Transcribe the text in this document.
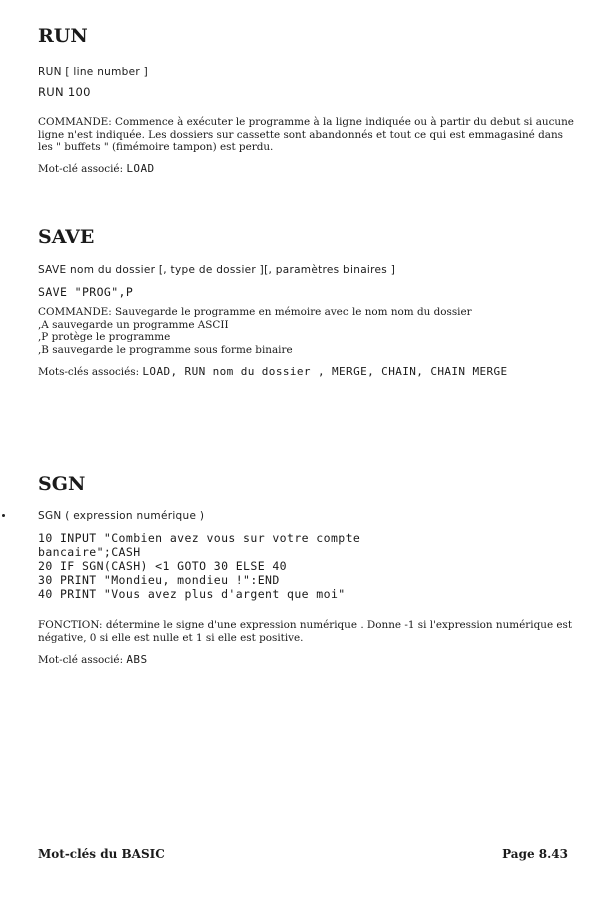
RUN

RUN [ line number ]

RUN 100

COMMANDE: Commence à exécuter le programme à la ligne indiquée ou à partir du debut si aucune ligne n'est indiquée. Les dossiers sur cassette sont abandonnés et tout ce qui est emmagasiné dans les " buffets " (fimémoire tampon) est perdu.

Mot-clé associé: LOAD

SAVE

SAVE nom du dossier [, type de dossier ][, paramètres binaires ]

SAVE "PROG",P

COMMANDE: Sauvegarde le programme en mémoire avec le nom nom du dossier

,A sauvegarde un programme ASCII

,P protège le programme

,B sauvegarde le programme sous forme binaire

Mots-clés associés: LOAD, RUN nom du dossier , MERGE, CHAIN, CHAIN MERGE

SGN

SGN ( expression numérique )

10 INPUT "Combien avez vous sur votre compte

bancaire";CASH

20 IF SGN(CASH) <1 GOTO 30 ELSE 40

30 PRINT "Mondieu, mondieu !":END

40 PRINT "Vous avez plus d'argent que moi"

FONCTION: détermine le signe d'une expression numérique . Donne -1 si l'expression numérique est négative, 0 si elle est nulle et 1 si elle est positive.

Mot-clé associé: ABS

Mot-clés du BASIC	Page 8.43
